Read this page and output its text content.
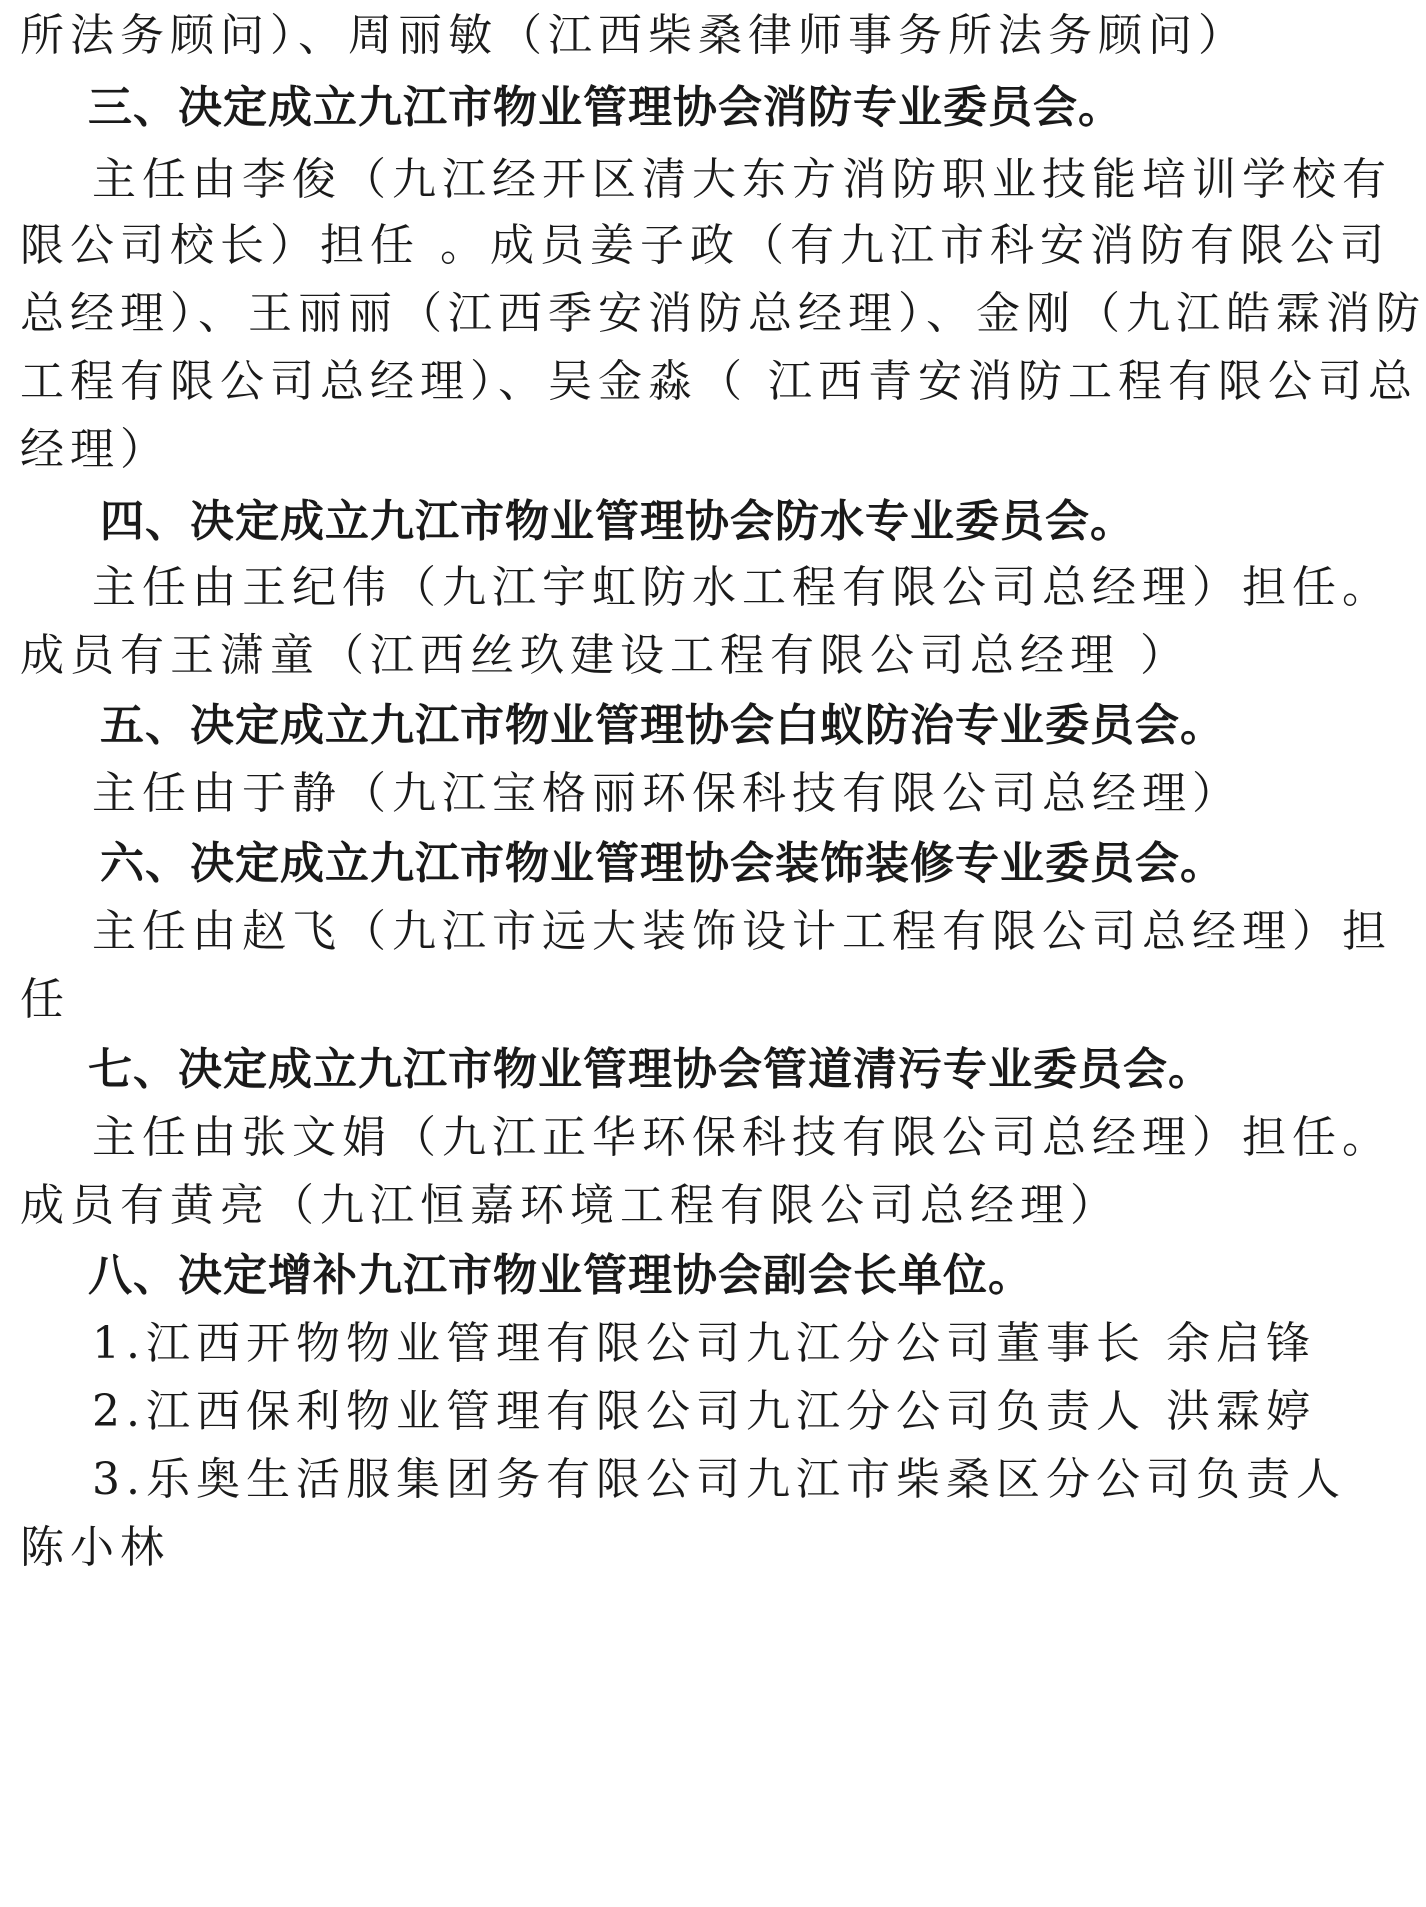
所法务顾问）、周丽敏（江西柴桑律师事务所法务顾问）
三、决定成立九江市物业管理协会消防专业委员会。
主任由李俊（九江经开区清大东方消防职业技能培训学校有
限公司校长）担任 。成员姜子政（有九江市科安消防有限公司
总经理）、王丽丽（江西季安消防总经理）、金刚（九江皓霖消防
工程有限公司总经理）、吴金淼（ 江西青安消防工程有限公司总
经理）
四、决定成立九江市物业管理协会防水专业委员会。
主任由王纪伟（九江宇虹防水工程有限公司总经理）担任。
成员有王潇童（江西丝玖建设工程有限公司总经理 ）
五、决定成立九江市物业管理协会白蚁防治专业委员会。
主任由于静（九江宝格丽环保科技有限公司总经理）
六、决定成立九江市物业管理协会装饰装修专业委员会。
主任由赵飞（九江市远大装饰设计工程有限公司总经理）担
任
七、决定成立九江市物业管理协会管道清污专业委员会。
主任由张文娟（九江正华环保科技有限公司总经理）担任。
成员有黄亮（九江恒嘉环境工程有限公司总经理）
八、决定增补九江市物业管理协会副会长单位。
1.江西开物物业管理有限公司九江分公司董事长 余启锋
2.江西保利物业管理有限公司九江分公司负责人 洪霖婷
3.乐奥生活服集团务有限公司九江市柴桑区分公司负责人
陈小林
